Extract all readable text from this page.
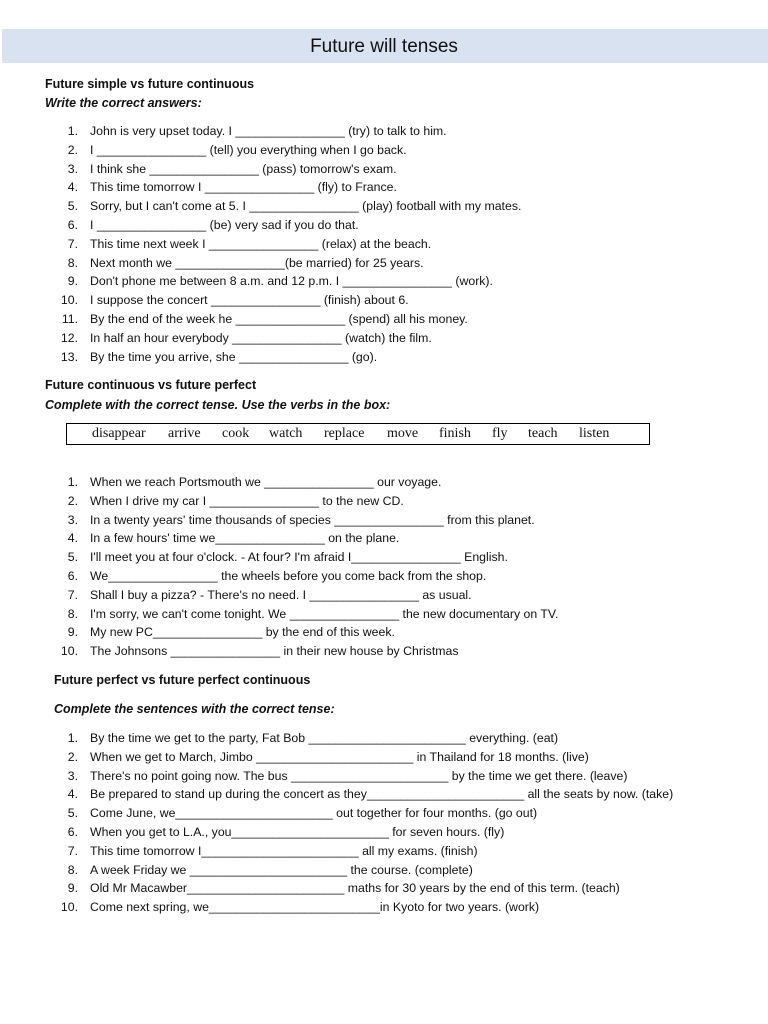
Future will tenses
Future simple vs future continuous
Write the correct answers:
1. John is very upset today. I ________________ (try) to talk to him.
2. I ________________ (tell) you everything when I go back.
3. I think she ________________ (pass) tomorrow's exam.
4. This time tomorrow I ________________ (fly) to France.
5. Sorry, but I can't come at 5. I ________________ (play) football with my mates.
6. I ________________ (be) very sad if you do that.
7. This time next week I ________________ (relax) at the beach.
8. Next month we ________________(be married) for 25 years.
9. Don't phone me between 8 a.m. and 12 p.m. I ________________ (work).
10. I suppose the concert ________________ (finish) about 6.
11. By the end of the week he ________________ (spend) all his money.
12. In half an hour everybody ________________ (watch) the film.
13. By the time you arrive, she ________________ (go).
Future continuous vs future perfect
Complete with the correct tense. Use the verbs in the box:
disappear arrive cook watch replace move finish fly teach listen
1. When we reach Portsmouth we ________________ our voyage.
2. When I drive my car I ________________ to the new CD.
3. In a twenty years' time thousands of species ________________ from this planet.
4. In a few hours' time we________________ on the plane.
5. I'll meet you at four o'clock. - At four? I'm afraid I________________ English.
6. We________________ the wheels before you come back from the shop.
7. Shall I buy a pizza? - There's no need. I ________________ as usual.
8. I'm sorry, we can't come tonight. We ________________ the new documentary on TV.
9. My new PC________________ by the end of this week.
10. The Johnsons ________________ in their new house by Christmas
Future perfect vs future perfect continuous
Complete the sentences with the correct tense:
1. By the time we get to the party, Fat Bob _______________________ everything. (eat)
2. When we get to March, Jimbo _______________________ in Thailand for 18 months. (live)
3. There's no point going now. The bus _______________________ by the time we get there. (leave)
4. Be prepared to stand up during the concert as they_______________________ all the seats by now. (take)
5. Come June, we_______________________ out together for four months. (go out)
6. When you get to L.A., you_______________________ for seven hours. (fly)
7. This time tomorrow I_______________________ all my exams. (finish)
8. A week Friday we _______________________ the course. (complete)
9. Old Mr Macawber_______________________ maths for 30 years by the end of this term. (teach)
10. Come next spring, we_________________________in Kyoto for two years. (work)
